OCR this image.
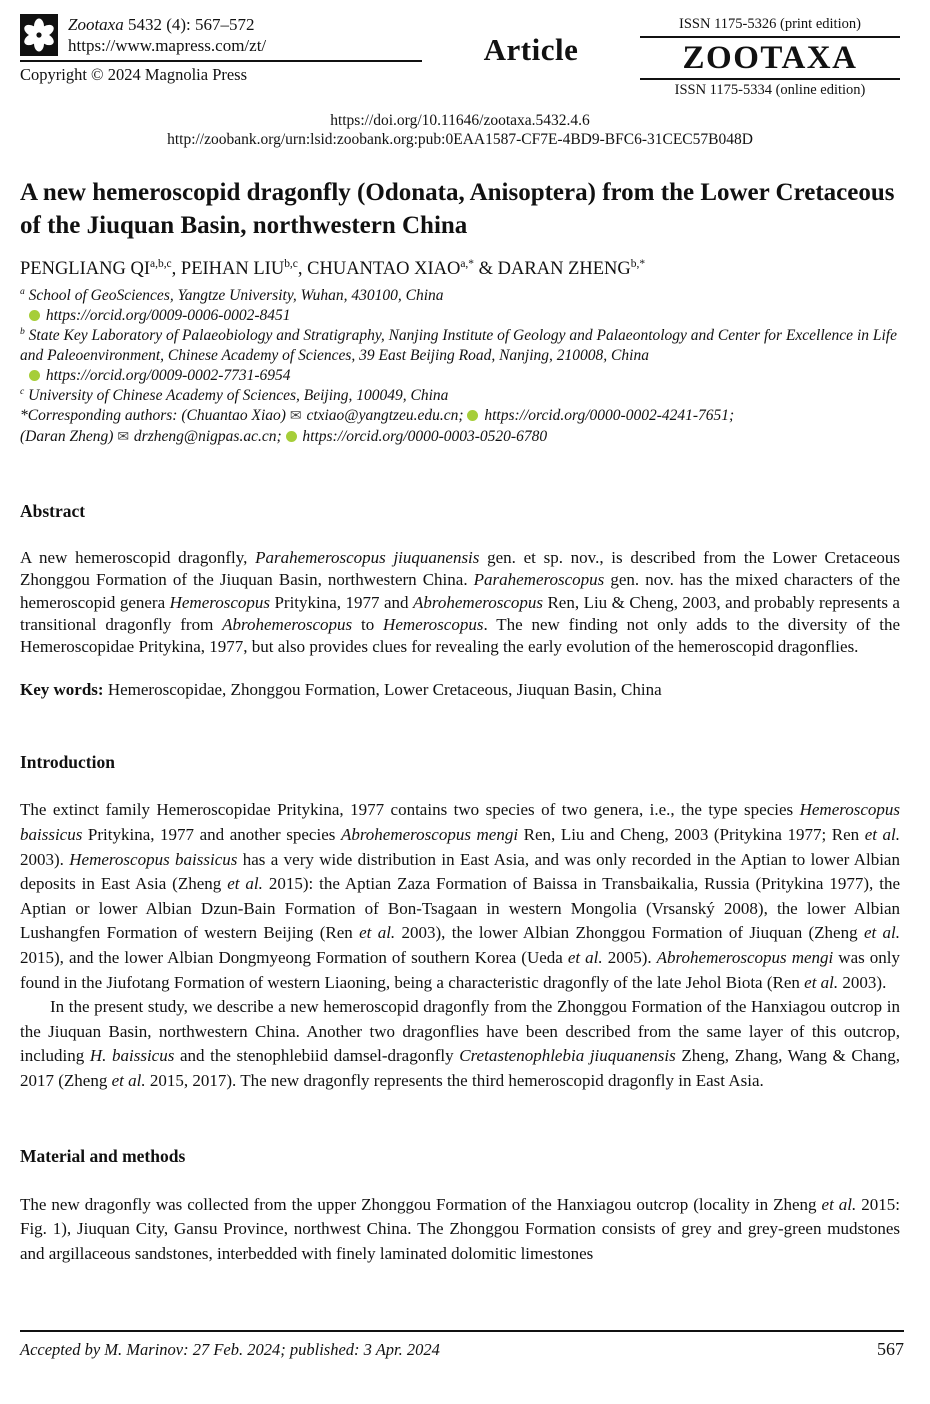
Zootaxa 5432 (4): 567–572
https://www.mapress.com/zt/
Copyright © 2024 Magnolia Press
Article
ISSN 1175-5326 (print edition)
ZOOTAXA
ISSN 1175-5334 (online edition)
https://doi.org/10.11646/zootaxa.5432.4.6
http://zoobank.org/urn:lsid:zoobank.org:pub:0EAA1587-CF7E-4BD9-BFC6-31CEC57B048D
A new hemeroscopid dragonfly (Odonata, Anisoptera) from the Lower Cretaceous of the Jiuquan Basin, northwestern China
PENGLIANG QI$^{a,b,c}$, PEIHAN LIU$^{b,c}$, CHUANTAO $XIAO^{a,*}$ & DARAN $ZHENG^{b,*}$
$^a$ School of GeoSciences, Yangtze University, Wuhan, 430100, China
https://orcid.org/0009-0006-0002-8451
$^b$ State Key Laboratory of Palaeobiology and Stratigraphy, Nanjing Institute of Geology and Palaeontology and Center for Excellence in Life and Paleoenvironment, Chinese Academy of Sciences, 39 East Beijing Road, Nanjing, 210008, China
https://orcid.org/0009-0002-7731-6954
$^c$ University of Chinese Academy of Sciences, Beijing, 100049, China
*Corresponding authors: (Chuantao Xiao) ✉ ctxiao@yangtzeu.edu.cn;  https://orcid.org/0000-0002-4241-7651;
(Daran Zheng) ✉ drzheng@nigpas.ac.cn;  https://orcid.org/0000-0003-0520-6780
Abstract

A new hemeroscopid dragonfly, Parahemeroscopus jiuquanensis gen. et sp. nov., is described from the Lower Cretaceous Zhonggou Formation of the Jiuquan Basin, northwestern China. Parahemeroscopus gen. nov. has the mixed characters of the hemeroscopid genera Hemeroscopus Pritykina, 1977 and Abrohemeroscopus Ren, Liu & Cheng, 2003, and probably represents a transitional dragonfly from Abrohemeroscopus to Hemeroscopus. The new finding not only adds to the diversity of the Hemeroscopidae Pritykina, 1977, but also provides clues for revealing the early evolution of the hemeroscopid dragonflies.

Key words: Hemeroscopidae, Zhonggou Formation, Lower Cretaceous, Jiuquan Basin, China

Introduction

The extinct family Hemeroscopidae Pritykina, 1977 contains two species of two genera, i.e., the type species Hemeroscopus baissicus Pritykina, 1977 and another species Abrohemeroscopus mengi Ren, Liu and Cheng, 2003 (Pritykina 1977; Ren et al. 2003). Hemeroscopus baissicus has a very wide distribution in East Asia, and was only recorded in the Aptian to lower Albian deposits in East Asia (Zheng et al. 2015): the Aptian Zaza Formation of Baissa in Transbaikalia, Russia (Pritykina 1977), the Aptian or lower Albian Dzun-Bain Formation of Bon-Tsagaan in western Mongolia (Vrsanský 2008), the lower Albian Lushangfen Formation of western Beijing (Ren et al. 2003), the lower Albian Zhonggou Formation of Jiuquan (Zheng et al. 2015), and the lower Albian Dongmyeong Formation of southern Korea (Ueda et al. 2005). Abrohemeroscopus mengi was only found in the Jiufotang Formation of western Liaoning, being a characteristic dragonfly of the late Jehol Biota (Ren et al. 2003).

In the present study, we describe a new hemeroscopid dragonfly from the Zhonggou Formation of the Hanxiagou outcrop in the Jiuquan Basin, northwestern China. Another two dragonflies have been described from the same layer of this outcrop, including H. baissicus and the stenophlebiid damsel-dragonfly Cretastenophlebia jiuquanensis Zheng, Zhang, Wang & Chang, 2017 (Zheng et al. 2015, 2017). The new dragonfly represents the third hemeroscopid dragonfly in East Asia.

Material and methods

The new dragonfly was collected from the upper Zhonggou Formation of the Hanxiagou outcrop (locality in Zheng et al. 2015: Fig. 1), Jiuquan City, Gansu Province, northwest China. The Zhonggou Formation consists of grey and grey-green mudstones and argillaceous sandstones, interbedded with finely laminated dolomitic limestones

Accepted by M. Marinov: 27 Feb. 2024; published: 3 Apr. 2024	567
